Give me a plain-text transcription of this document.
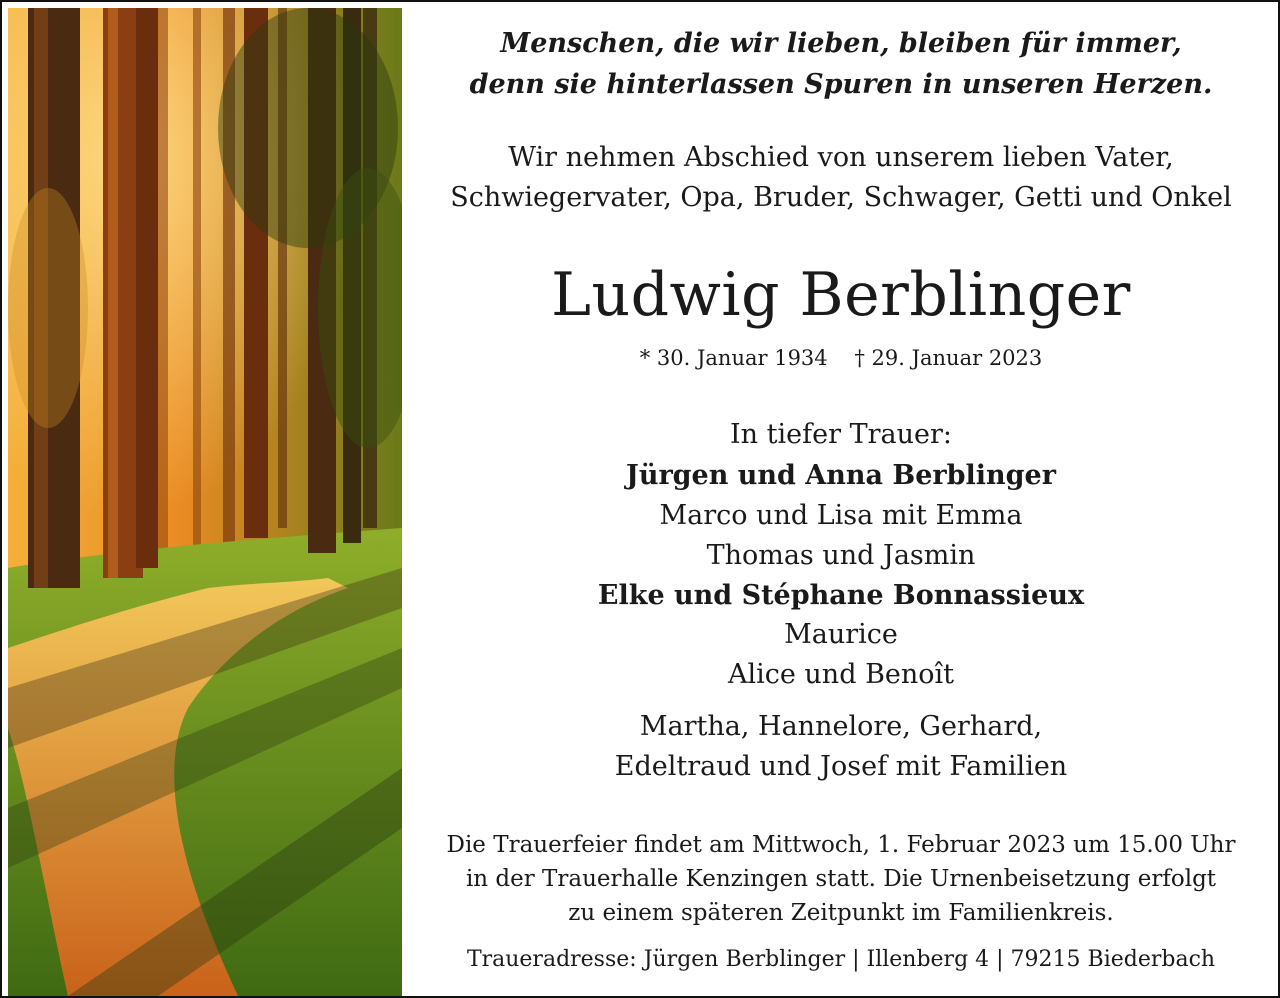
Menschen, die wir lieben, bleiben für immer,
denn sie hinterlassen Spuren in unseren Herzen.
Wir nehmen Abschied von unserem lieben Vater,
Schwiegervater, Opa, Bruder, Schwager, Getti und Onkel
Ludwig Berblinger
* 30. Januar 1934    † 29. Januar 2023
In tiefer Trauer:
Jürgen und Anna Berblinger
Marco und Lisa mit Emma
Thomas und Jasmin
Elke und Stéphane Bonnassieux
Maurice
Alice und Benoît
Martha, Hannelore, Gerhard,
Edeltraud und Josef mit Familien
Die Trauerfeier findet am Mittwoch, 1. Februar 2023 um 15.00 Uhr
in der Trauerhalle Kenzingen statt. Die Urnenbeisetzung erfolgt
zu einem späteren Zeitpunkt im Familienkreis.
Traueradresse: Jürgen Berblinger | Illenberg 4 | 79215 Biederbach
